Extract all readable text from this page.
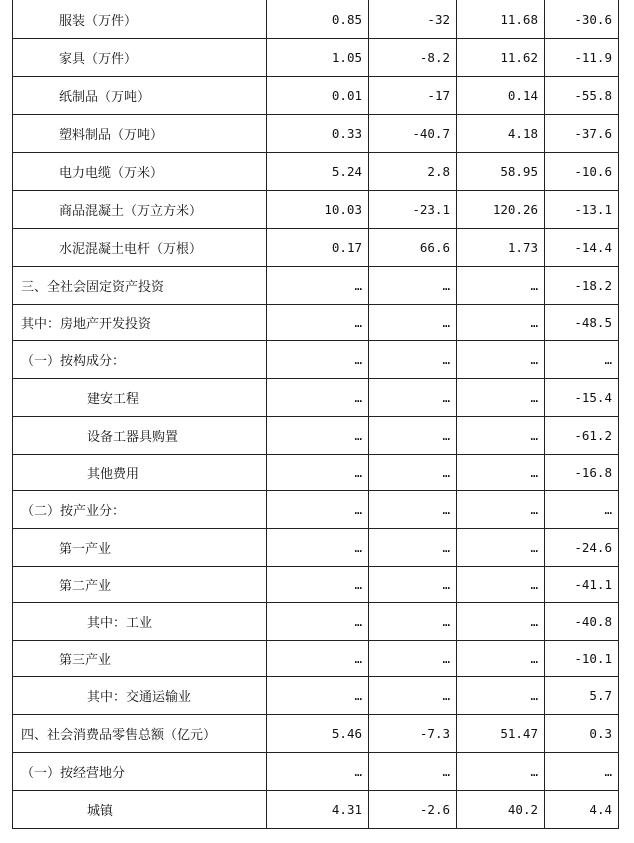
服装（万件）	0.85	-32	11.68	-30.6
家具（万件）	1.05	-8.2	11.62	-11.9
纸制品（万吨）	0.01	-17	0.14	-55.8
塑料制品（万吨）	0.33	-40.7	4.18	-37.6
电力电缆（万米）	5.24	2.8	58.95	-10.6
商品混凝土（万立方米）	10.03	-23.1	120.26	-13.1
水泥混凝土电杆（万根）	0.17	66.6	1.73	-14.4
三、全社会固定资产投资	…	…	…	-18.2
其中：房地产开发投资	…	…	…	-48.5
（一）按构成分：	…	…	…	…
建安工程	…	…	…	-15.4
设备工器具购置	…	…	…	-61.2
其他费用	…	…	…	-16.8
（二）按产业分：	…	…	…	…
第一产业	…	…	…	-24.6
第二产业	…	…	…	-41.1
其中：工业	…	…	…	-40.8
第三产业	…	…	…	-10.1
其中：交通运输业	…	…	…	5.7
四、社会消费品零售总额（亿元）	5.46	-7.3	51.47	0.3
（一）按经营地分	…	…	…	…
城镇	4.31	-2.6	40.2	4.4
